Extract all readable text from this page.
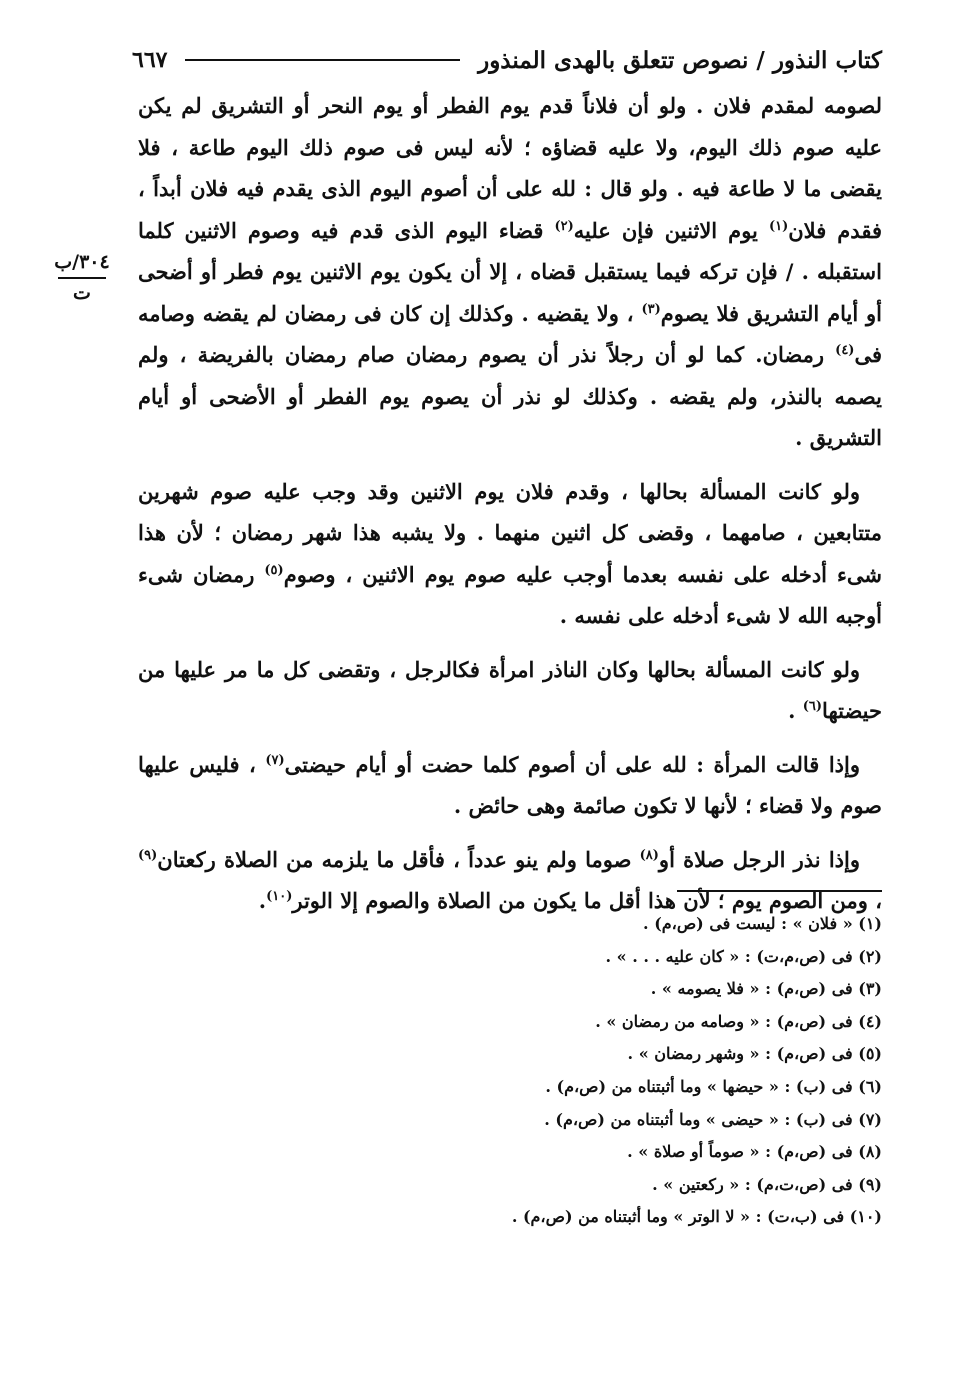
كتاب النذور / نصوص تتعلق بالهدى المنذور
٦٦٧
٣٠٤/ب
ت

لصومه لمقدم فلان . ولو أن فلاناً قدم يوم الفطر أو يوم النحر أو التشريق لم يكن عليه صوم ذلك اليوم، ولا عليه قضاؤه ؛ لأنه ليس فى صوم ذلك اليوم طاعة ، فلا يقضى ما لا طاعة فيه . ولو قال : لله على أن أصوم اليوم الذى يقدم فيه فلان أبداً ، فقدم فلان$^{(١)}$ يوم الاثنين فإن عليه$^{(٢)}$ قضاء اليوم الذى قدم فيه وصوم الاثنين كلما استقبله . / فإن تركه فيما يستقبل قضاه ، إلا أن يكون يوم الاثنين يوم فطر أو أضحى أو أيام التشريق فلا يصوم$^{(٣)}$ ، ولا يقضيه . وكذلك إن كان فى رمضان لم يقضه وصامه فى$^{(٤)}$ رمضان. كما لو أن رجلاً نذر أن يصوم رمضان صام رمضان بالفريضة ، ولم يصمه بالنذر، ولم يقضه . وكذلك لو نذر أن يصوم يوم الفطر أو الأضحى أو أيام التشريق .

ولو كانت المسألة بحالها ، وقدم فلان يوم الاثنين وقد وجب عليه صوم شهرين متتابعين ، صامهما ، وقضى كل اثنين منهما . ولا يشبه هذا شهر رمضان ؛ لأن هذا شىء أدخله على نفسه بعدما أوجب عليه صوم يوم الاثنين ، وصوم$^{(٥)}$ رمضان شىء أوجبه الله لا شىء أدخله على نفسه .

ولو كانت المسألة بحالها وكان الناذر امرأة فكالرجل ، وتقضى كل ما مر عليها من حيضتها$^{(٦)}$ .

وإذا قالت المرأة : لله على أن أصوم كلما حضت أو أيام حيضتى$^{(٧)}$ ، فليس عليها صوم ولا قضاء ؛ لأنها لا تكون صائمة وهى حائض .

وإذا نذر الرجل صلاة أو$^{(٨)}$ صوما ولم ينو عدداً ، فأقل ما يلزمه من الصلاة ركعتان$^{(٩)}$ ، ومن الصوم يوم ؛ لأن هذا أقل ما يكون من الصلاة والصوم إلا الوتر$^{(١٠)}$.

(١) « فلان » : ليست فى (ص،م) .
(٢) فى (ص،م،ت) : « كان عليه . . . » .
(٣) فى (ص،م) : « فلا يصومه » .
(٤) فى (ص،م) : « وصامه من رمضان » .
(٥) فى (ص،م) : « وشهر رمضان » .
(٦) فى (ب) : « حيضها » وما أثبتناه من (ص،م) .
(٧) فى (ب) : « حيضى » وما أثبتناه من (ص،م) .
(٨) فى (ص،م) : « صوماً أو صلاة » .
(٩) فى (ص،ت،م) : « ركعتين » .
(١٠) فى (ب،ت) : « لا الوتر » وما أثبتناه من (ص،م) .
